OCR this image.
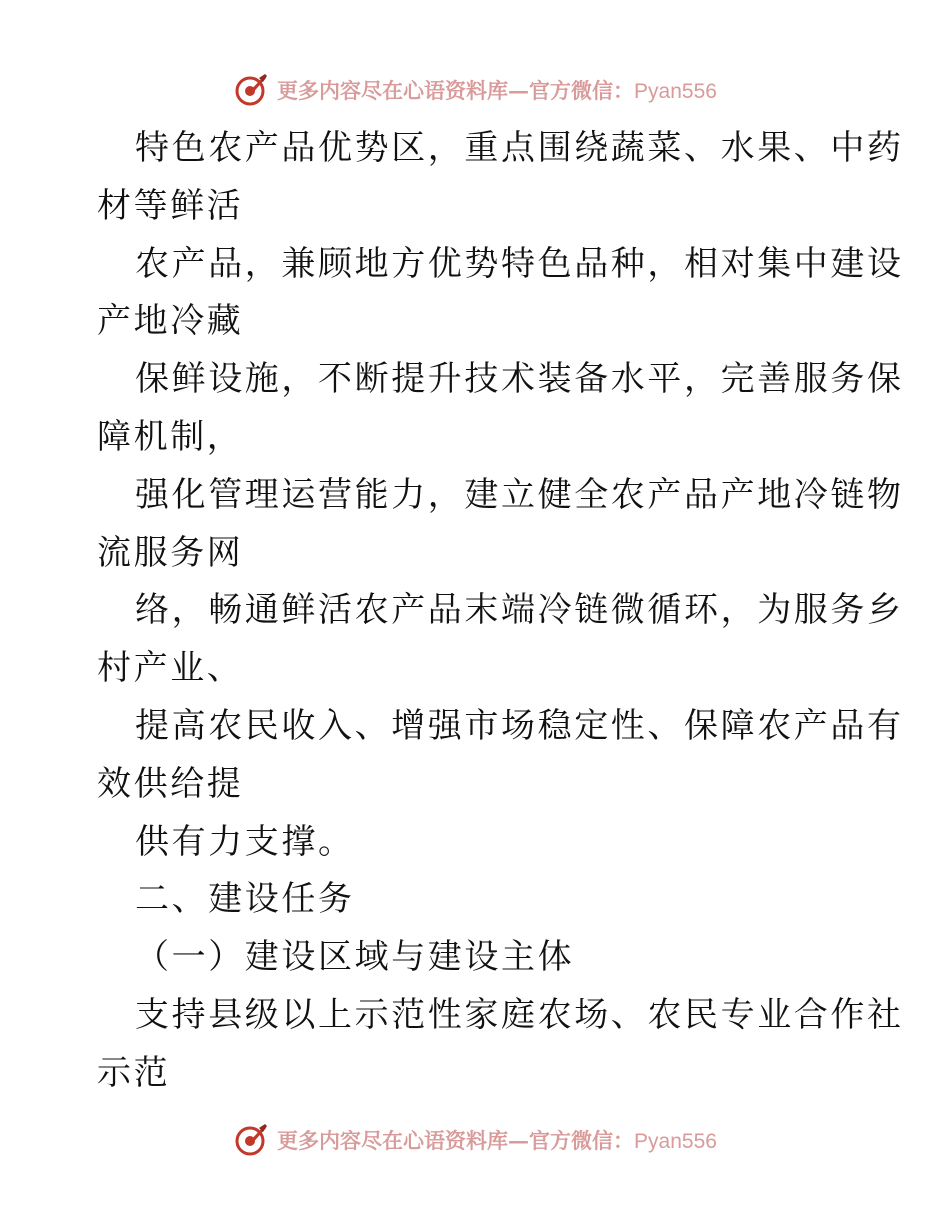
更多内容尽在心语资料库—官方微信：Pyan556
特色农产品优势区，重点围绕蔬菜、水果、中药
材等鲜活
农产品，兼顾地方优势特色品种，相对集中建设
产地冷藏
保鲜设施，不断提升技术装备水平，完善服务保
障机制，
强化管理运营能力，建立健全农产品产地冷链物
流服务网
络，畅通鲜活农产品末端冷链微循环，为服务乡
村产业、
提高农民收入、增强市场稳定性、保障农产品有
效供给提
供有力支撑。
二、建设任务
（一）建设区域与建设主体
支持县级以上示范性家庭农场、农民专业合作社
示范
更多内容尽在心语资料库—官方微信：Pyan556
